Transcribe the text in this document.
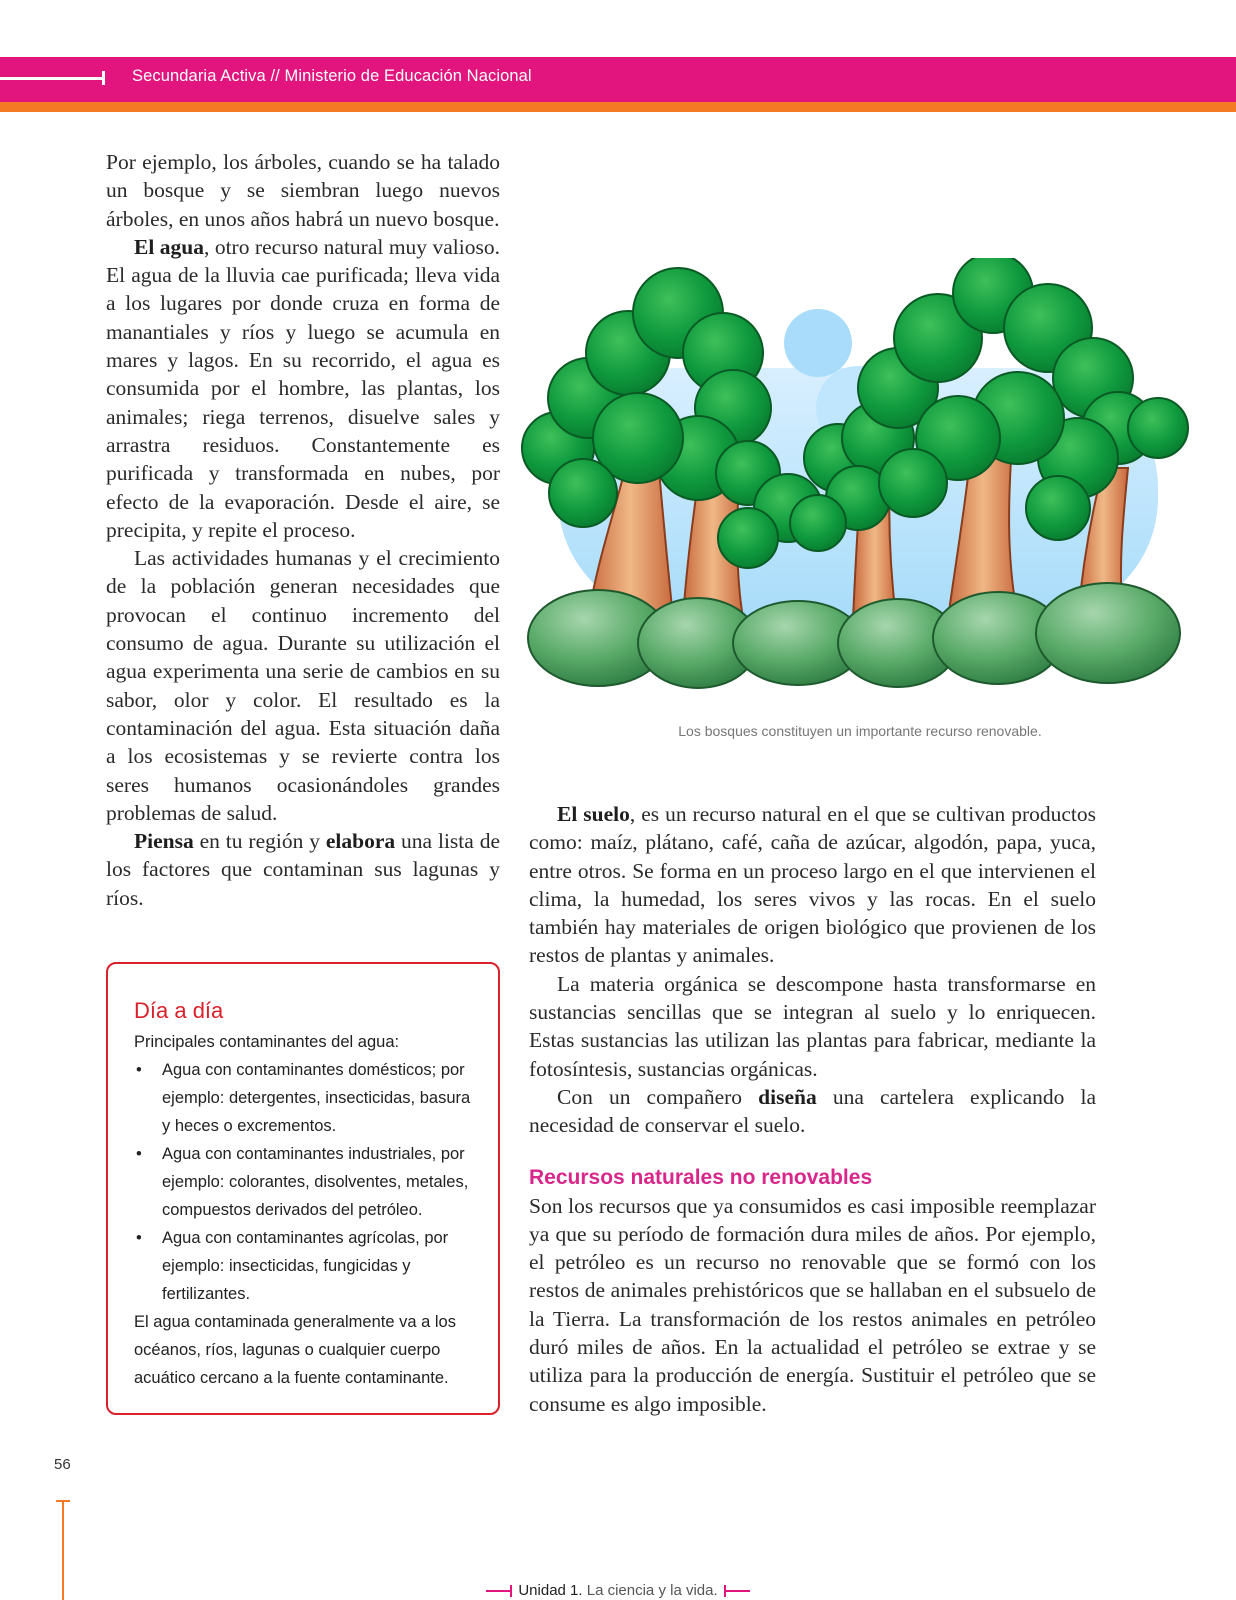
Secundaria Activa // Ministerio de Educación Nacional

Por ejemplo, los árboles, cuando se ha talado un bosque y se siembran luego nuevos árboles, en unos años habrá un nuevo bosque.

El agua, otro recurso natural muy valioso. El agua de la lluvia cae purificada; lleva vida a los lugares por donde cruza en forma de manantiales y ríos y luego se acumula en mares y lagos. En su recorrido, el agua es consumida por el hombre, las plantas, los animales; riega terrenos, disuelve sales y arrastra residuos. Constantemente es purificada y transformada en nubes, por efecto de la evaporación. Desde el aire, se precipita, y repite el proceso.

Las actividades humanas y el crecimiento de la población generan necesidades que provocan el continuo incremento del consumo de agua. Durante su utilización el agua experimenta una serie de cambios en su sabor, olor y color. El resultado es la contaminación del agua. Esta situación daña a los ecosistemas y se revierte contra los seres humanos ocasionándoles grandes problemas de salud.

Piensa en tu región y elabora una lista de los factores que contaminan sus lagunas y ríos.

Día a día
Principales contaminantes del agua:
• Agua con contaminantes domésticos; por ejemplo: detergentes, insecticidas, basura y heces o excrementos.
• Agua con contaminantes industriales, por ejemplo: colorantes, disolventes, metales, compuestos derivados del petróleo.
• Agua con contaminantes agrícolas, por ejemplo: insecticidas, fungicidas y fertilizantes.
El agua contaminada generalmente va a los océanos, ríos, lagunas o cualquier cuerpo acuático cercano a la fuente contaminante.
Los bosques constituyen un importante recurso renovable.

El suelo, es un recurso natural en el que se cultivan productos como: maíz, plátano, café, caña de azúcar, algodón, papa, yuca, entre otros. Se forma en un proceso largo en el que intervienen el clima, la humedad, los seres vivos y las rocas. En el suelo también hay materiales de origen biológico que provienen de los restos de plantas y animales.

La materia orgánica se descompone hasta transformarse en sustancias sencillas que se integran al suelo y lo enriquecen. Estas sustancias las utilizan las plantas para fabricar, mediante la fotosíntesis, sustancias orgánicas.

Con un compañero diseña una cartelera explicando la necesidad de conservar el suelo.

Recursos naturales no renovables

Son los recursos que ya consumidos es casi imposible reemplazar ya que su período de formación dura miles de años. Por ejemplo, el petróleo es un recurso no renovable que se formó con los restos de animales prehistóricos que se hallaban en el subsuelo de la Tierra. La transformación de los restos animales en petróleo duró miles de años. En la actualidad el petróleo se extrae y se utiliza para la producción de energía. Sustituir el petróleo que se consume es algo imposible.

56
Unidad 1. La ciencia y la vida.
